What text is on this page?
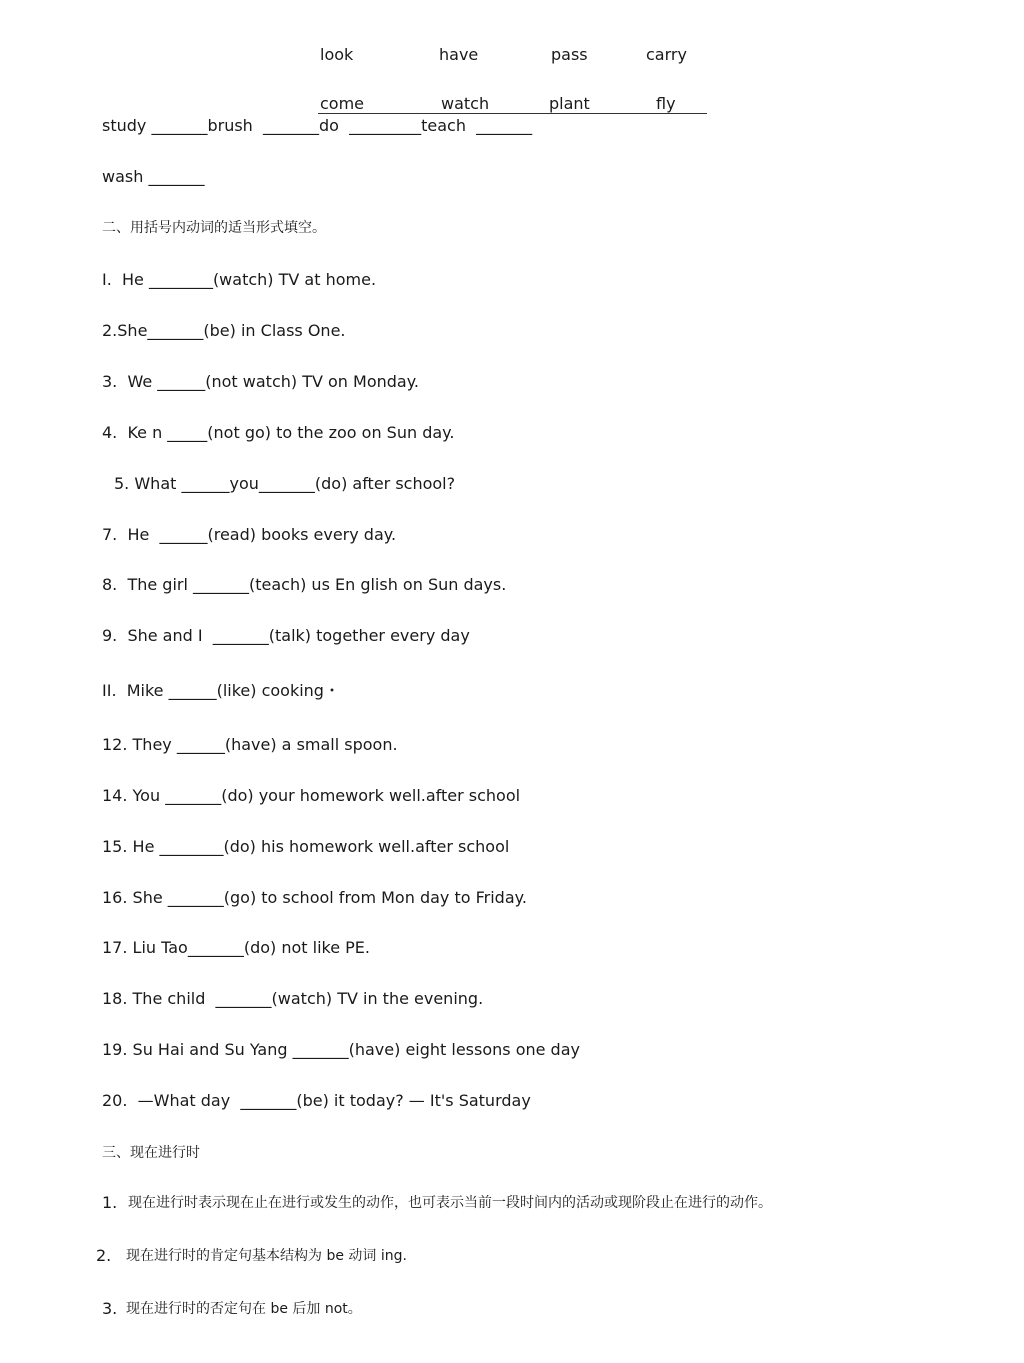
look	have	pass	carry
come	watch	plant	fly
study _______brush  _______do  _________teach  _______
wash _______
二、用括号内动词的适当形式填空。
I.  He ________(watch) TV at home.
2.She_______(be) in Class One.
3.  We ______(not watch) TV on Monday.
4.  Ke n _____(not go) to the zoo on Sun day.
5. What ______you_______(do) after school?
7.  He  ______(read) books every day.
8.  The girl _______(teach) us En glish on Sun days.
9.  She and I  _______(talk) together every day
II.  Mike ______(like) cooking・
12. They ______(have) a small spoon.
14. You _______(do) your homework well.after school
15. He ________(do) his homework well.after school
16. She _______(go) to school from Mon day to Friday.
17. Liu Tao_______(do) not like PE.
18. The child  _______(watch) TV in the evening.
19. Su Hai and Su Yang _______(have) eight lessons one day
20.  —What day  _______(be) it today? — It's Saturday
三、现在进行时
1. 现在进行时表示现在止在进行或发生的动作，也可表示当前一段时间内的活动或现阶段止在进行的动作。
2. 现在进行时的肯定句基本结构为 be 动词 ing.
3. 现在进行时的否定句在 be 后加 not。
